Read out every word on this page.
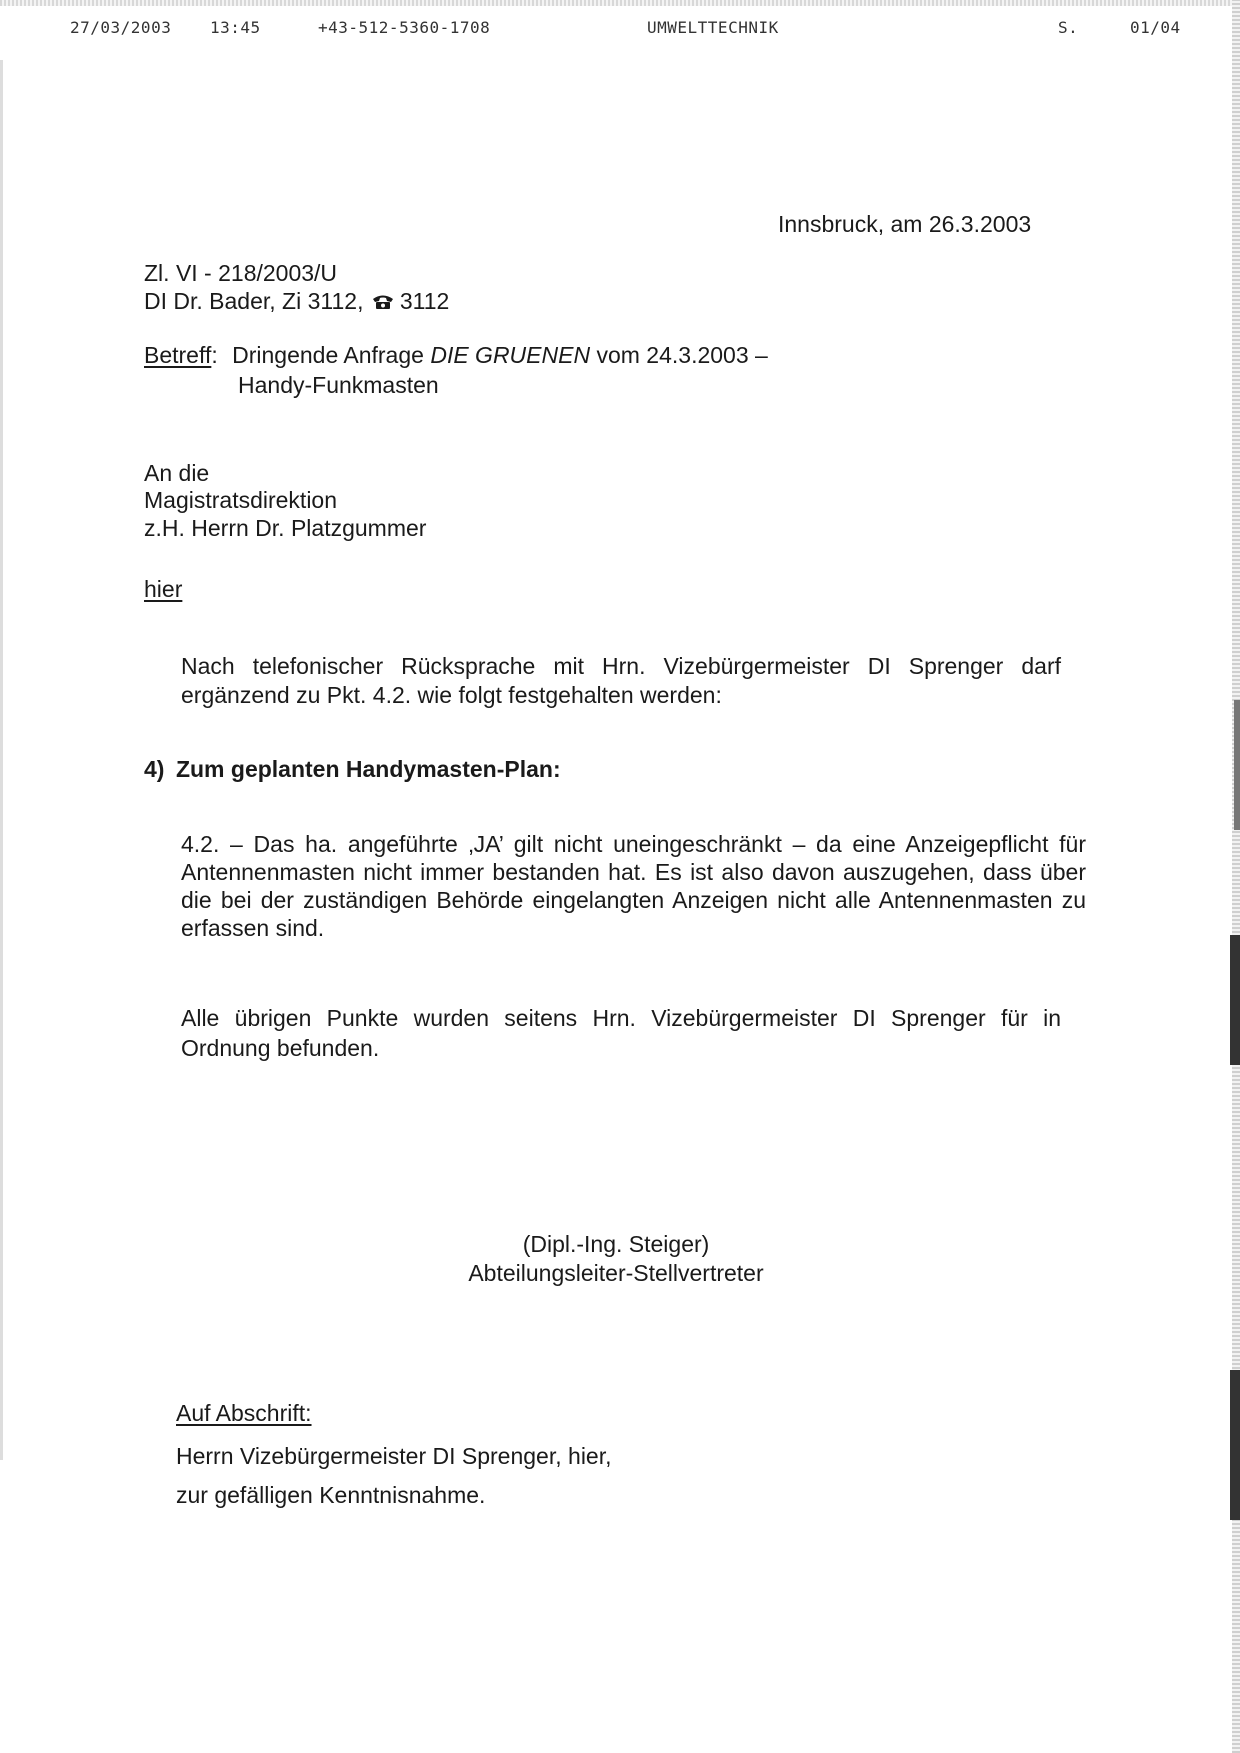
27/03/2003 13:45	+43-512-5360-1708	UMWELTTECHNIK	S.	01/04
Innsbruck, am 26.3.2003
Zl. VI - 218/2003/U
DI Dr. Bader, Zi 3112, 3112
Betreff: Dringende Anfrage DIE GRUENEN vom 24.3.2003 –
Handy-Funkmasten
An die
Magistratsdirektion
z.H. Herrn Dr. Platzgummer
hier
Nach telefonischer Rücksprache mit Hrn. Vizebürgermeister DI Sprenger darf ergänzend zu Pkt. 4.2. wie folgt festgehalten werden:
4) Zum geplanten Handymasten-Plan:
4.2. – Das ha. angeführte ‚JA’ gilt nicht uneingeschränkt – da eine Anzeigepflicht für Antennenmasten nicht immer bestanden hat. Es ist also davon auszugehen, dass über die bei der zuständigen Behörde eingelangten Anzeigen nicht alle Antennenmasten zu erfassen sind.
Alle übrigen Punkte wurden seitens Hrn. Vizebürgermeister DI Sprenger für in Ordnung befunden.
(Dipl.-Ing. Steiger)
Abteilungsleiter-Stellvertreter
Auf Abschrift:
Herrn Vizebürgermeister DI Sprenger, hier,
zur gefälligen Kenntnisnahme.
